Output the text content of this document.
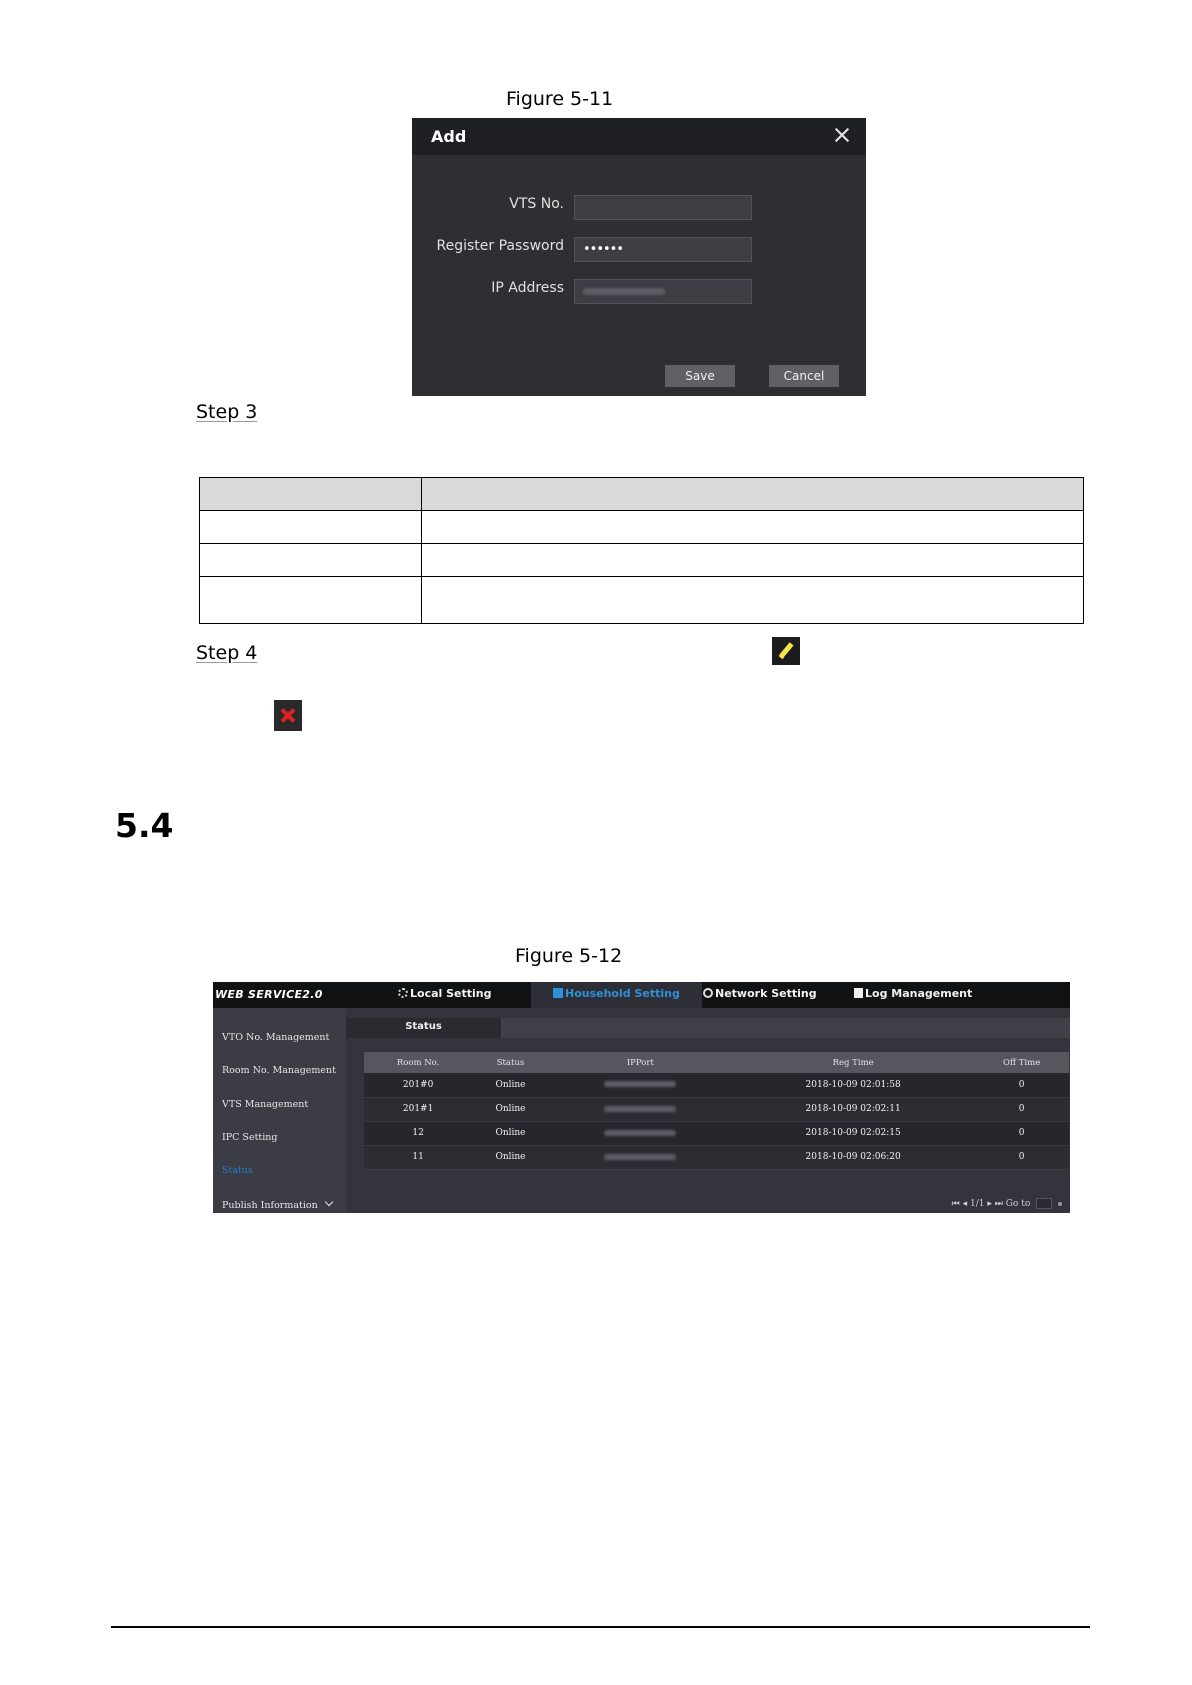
Figure 5-11
Add
VTS No.
Register Password	••••••
IP Address
Save	Cancel
Step 3

Step 4
5.4
Figure 5-12
WEB SERVICE2.0	Local Setting	Household Setting	Network Setting	Log Management
VTO No. Management
Room No. Management
VTS Management
IPC Setting
Status
Publish Information
Status
Room No.	Status	IPPort	Reg Time	Off Time
201#0	Online		2018-10-09 02:01:58	0
201#1	Online		2018-10-09 02:02:11	0
12	Online		2018-10-09 02:02:15	0
11	Online		2018-10-09 02:06:20	0
⏮ ◂ 1/1 ▸ ⏭ Go to
